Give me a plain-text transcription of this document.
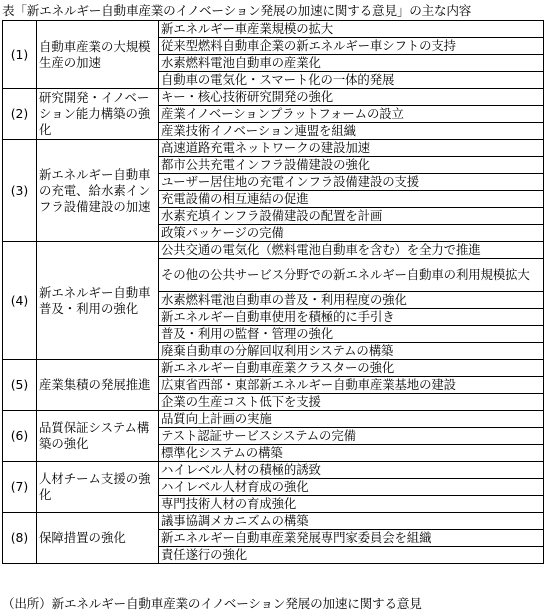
表「新エネルギー自動車産業のイノベーション発展の加速に関する意見」の主な内容
(1)	自動車産業の大規模生産の加速	新エネルギー車産業規模の拡大
		従来型燃料自動車企業の新エネルギー車シフトの支持
		水素燃料電池自動車の産業化
		自動車の電気化・スマート化の一体的発展
(2)	研究開発・イノベーション能力構築の強化	キー・核心技術研究開発の強化
		産業イノベーションプラットフォームの設立
		産業技術イノベーション連盟を組織
(3)	新エネルギー自動車の充電、給水素インフラ設備建設の加速	高速道路充電ネットワークの建設加速
		都市公共充電インフラ設備建設の強化
		ユーザー居住地の充電インフラ設備建設の支援
		充電設備の相互連結の促進
		水素充填インフラ設備建設の配置を計画
		政策パッケージの完備
(4)	新エネルギー自動車普及・利用の強化	公共交通の電気化（燃料電池自動車を含む）を全力で推進
		その他の公共サービス分野での新エネルギー自動車の利用規模拡大
		水素燃料電池自動車の普及・利用程度の強化
		新エネルギー自動車使用を積極的に手引き
		普及・利用の監督・管理の強化
		廃棄自動車の分解回収利用システムの構築
(5)	産業集積の発展推進	新エネルギー自動車産業クラスターの強化
		広東省西部・東部新エネルギー自動車産業基地の建設
		企業の生産コスト低下を支援
(6)	品質保証システム構築の強化	品質向上計画の実施
		テスト認証サービスシステムの完備
		標準化システムの構築
(7)	人材チーム支援の強化	ハイレベル人材の積極的誘致
		ハイレベル人材育成の強化
		専門技術人材の育成強化
(8)	保障措置の強化	議事協調メカニズムの構築
		新エネルギー自動車産業発展専門家委員会を組織
		責任遂行の強化
（出所）新エネルギー自動車産業のイノベーション発展の加速に関する意見
